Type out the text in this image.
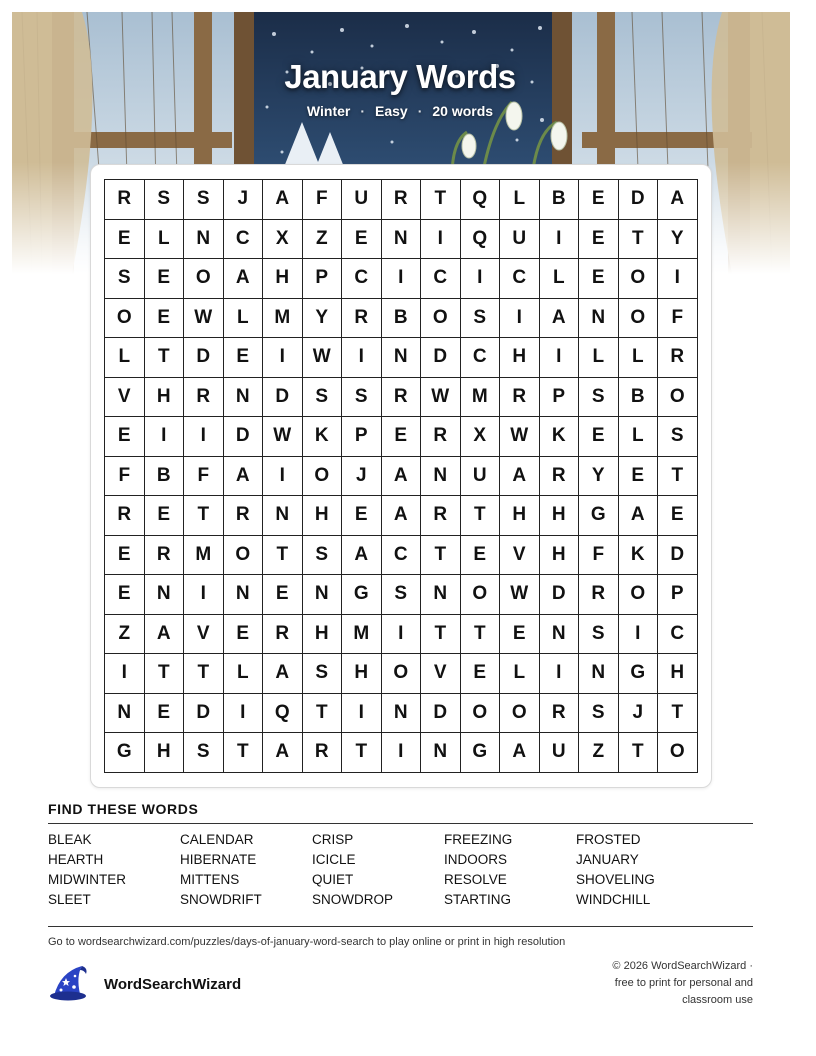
January Words
Winter · Easy · 20 words
R	S	S	J	A	F	U	R	T	Q	L	B	E	D	A
E	L	N	C	X	Z	E	N	I	Q	U	I	E	T	Y
S	E	O	A	H	P	C	I	C	I	C	L	E	O	I
O	E	W	L	M	Y	R	B	O	S	I	A	N	O	F
L	T	D	E	I	W	I	N	D	C	H	I	L	L	R
V	H	R	N	D	S	S	R	W	M	R	P	S	B	O
E	I	I	D	W	K	P	E	R	X	W	K	E	L	S
F	B	F	A	I	O	J	A	N	U	A	R	Y	E	T
R	E	T	R	N	H	E	A	R	T	H	H	G	A	E
E	R	M	O	T	S	A	C	T	E	V	H	F	K	D
E	N	I	N	E	N	G	S	N	O	W	D	R	O	P
Z	A	V	E	R	H	M	I	T	T	E	N	S	I	C
I	T	T	L	A	S	H	O	V	E	L	I	N	G	H
N	E	D	I	Q	T	I	N	D	O	O	R	S	J	T
G	H	S	T	A	R	T	I	N	G	A	U	Z	T	O
FIND THESE WORDS
BLEAK	CALENDAR	CRISP	FREEZING	FROSTED
HEARTH	HIBERNATE	ICICLE	INDOORS	JANUARY
MIDWINTER	MITTENS	QUIET	RESOLVE	SHOVELING
SLEET	SNOWDRIFT	SNOWDROP	STARTING	WINDCHILL
Go to wordsearchwizard.com/puzzles/days-of-january-word-search to play online or print in high resolution
WordSearchWizard
© 2026 WordSearchWizard ·
free to print for personal and
classroom use
